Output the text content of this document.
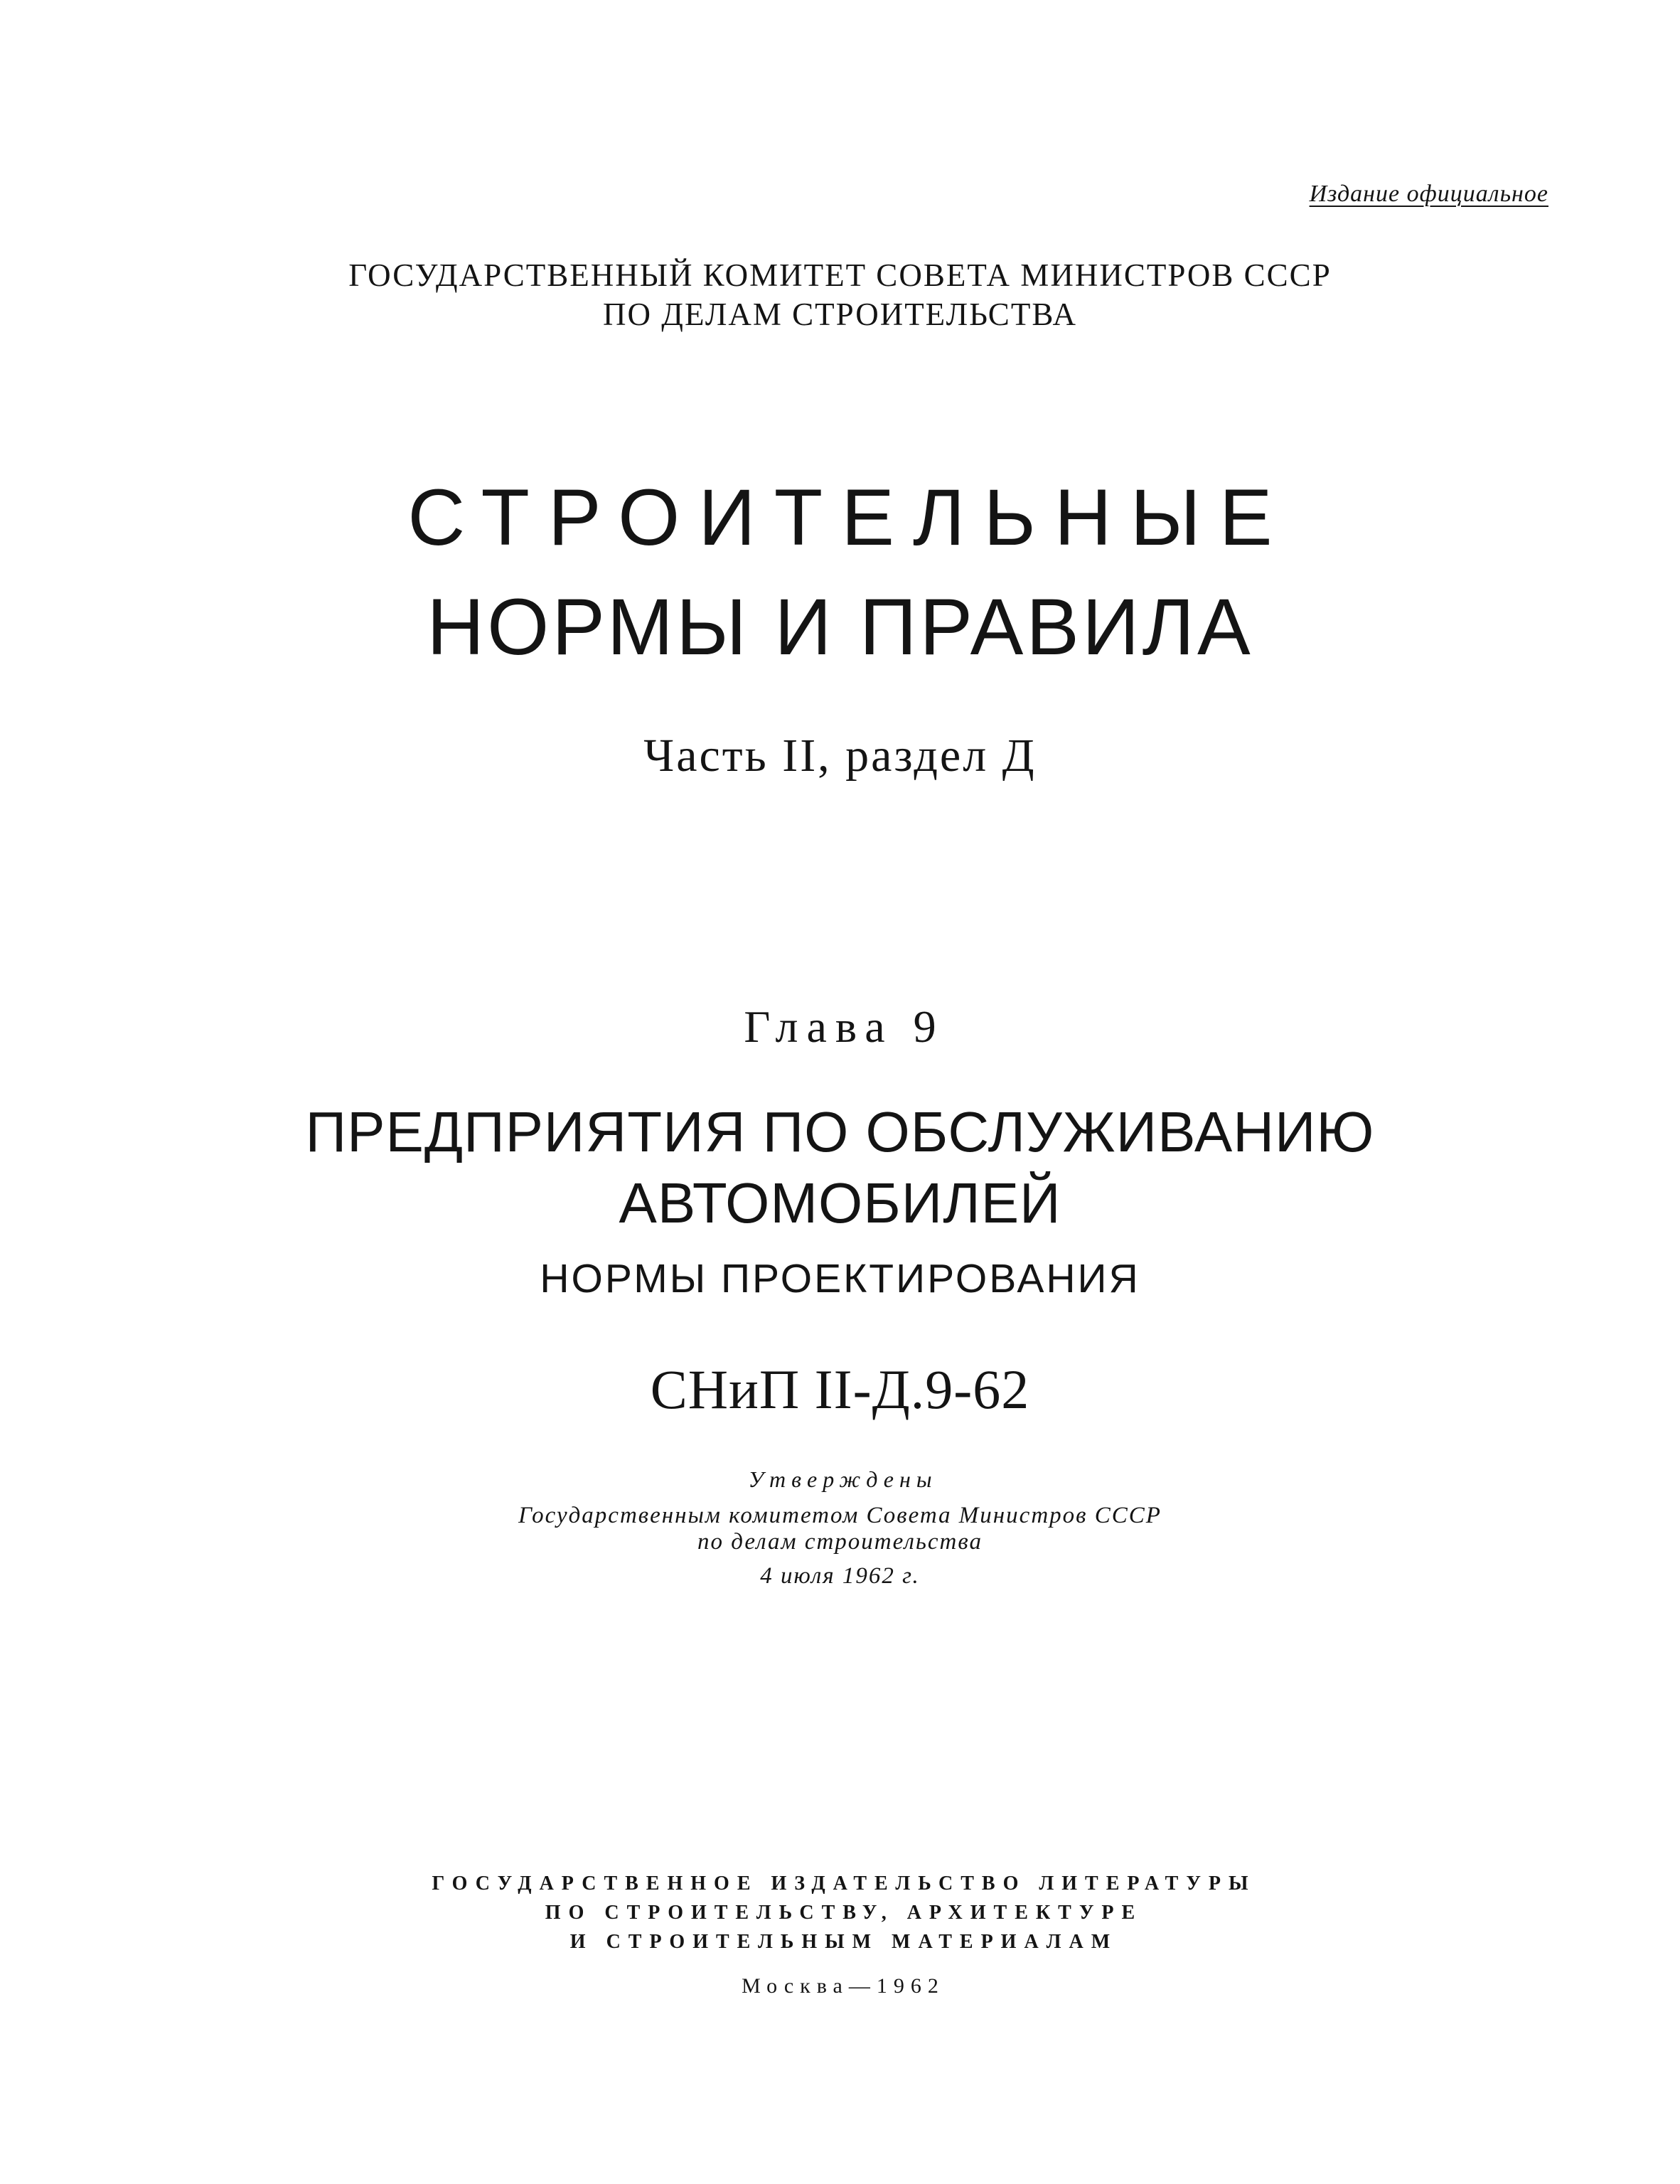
Издание официальное

ГОСУДАРСТВЕННЫЙ КОМИТЕТ СОВЕТА МИНИСТРОВ СССР

ПО ДЕЛАМ СТРОИТЕЛЬСТВА

СТРОИТЕЛЬНЫЕ

НОРМЫ И ПРАВИЛА

Часть II, раздел Д

Глава 9

ПРЕДПРИЯТИЯ ПО ОБСЛУЖИВАНИЮ

АВТОМОБИЛЕЙ

НОРМЫ ПРОЕКТИРОВАНИЯ

СНиП II-Д.9-62

Утверждены

Государственным комитетом Совета Министров СССР

по делам строительства

4 июля 1962 г.

ГОСУДАРСТВЕННОЕ ИЗДАТЕЛЬСТВО ЛИТЕРАТУРЫ

ПО СТРОИТЕЛЬСТВУ, АРХИТЕКТУРЕ

И СТРОИТЕЛЬНЫМ МАТЕРИАЛАМ

Москва—1962
